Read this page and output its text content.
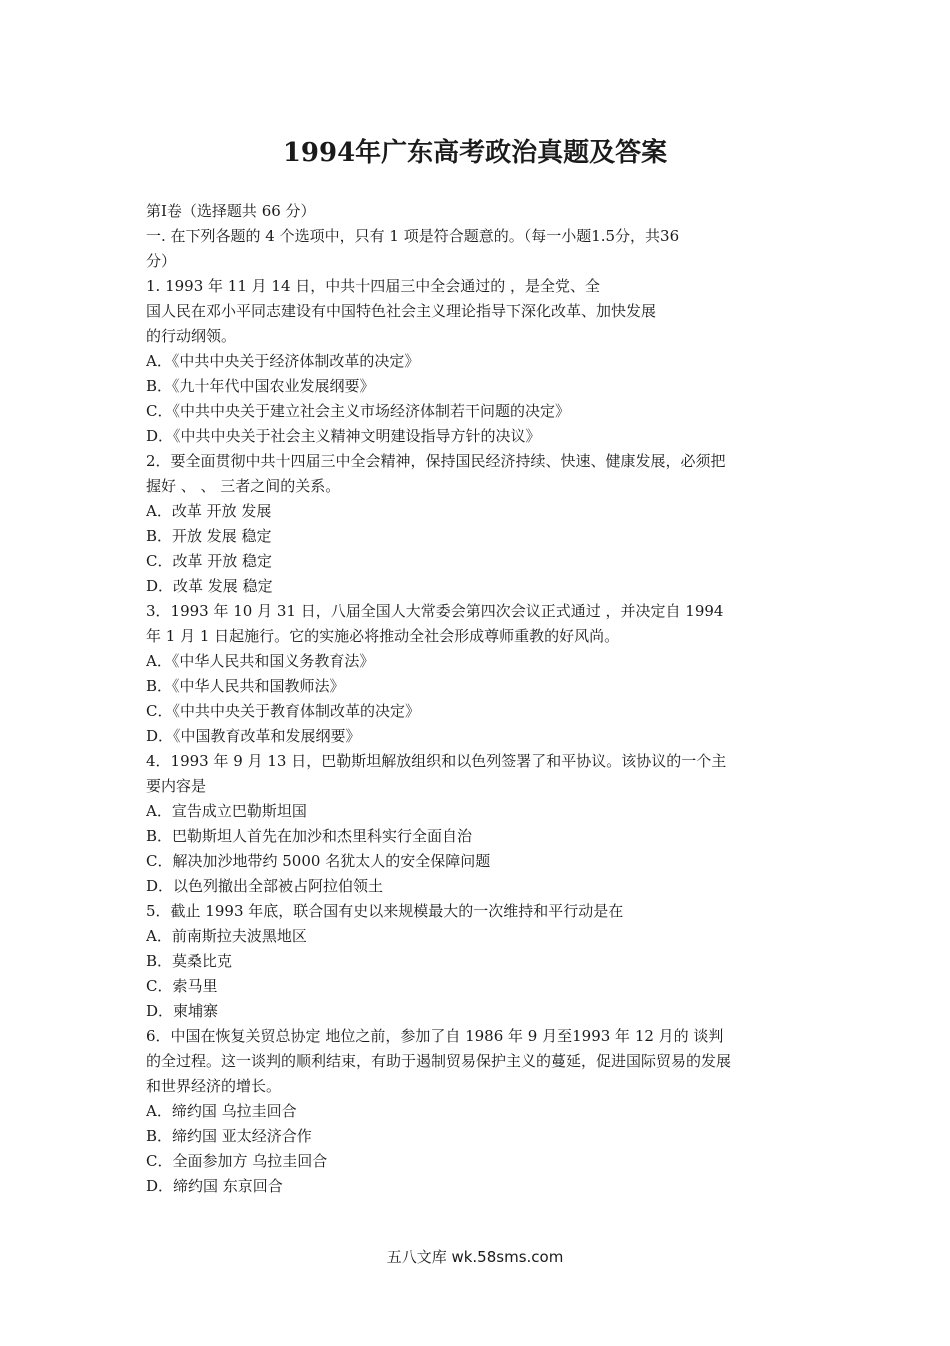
1994年广东高考政治真题及答案
第Ⅰ卷（选择题共 66 分）
一. 在下列各题的 4 个选项中，只有 1 项是符合题意的。（每一小题1.5分，共36
分）
1. 1993 年 11 月 14 日，中共十四届三中全会通过的 ，是全党、全
国人民在邓小平同志建设有中国特色社会主义理论指导下深化改革、加快发展
的行动纲领。
A．《中共中央关于经济体制改革的决定》
B．《九十年代中国农业发展纲要》
C．《中共中央关于建立社会主义市场经济体制若干问题的决定》
D．《中共中央关于社会主义精神文明建设指导方针的决议》
2．要全面贯彻中共十四届三中全会精神，保持国民经济持续、快速、健康发展，必须把
握好 、 、 三者之间的关系。
A．改革 开放 发展
B．开放 发展 稳定
C．改革 开放 稳定
D．改革 发展 稳定
3．1993 年 10 月 31 日，八届全国人大常委会第四次会议正式通过 ，并决定自 1994
年 1 月 1 日起施行。它的实施必将推动全社会形成尊师重教的好风尚。
A．《中华人民共和国义务教育法》
B．《中华人民共和国教师法》
C．《中共中央关于教育体制改革的决定》
D．《中国教育改革和发展纲要》
4．1993 年 9 月 13 日，巴勒斯坦解放组织和以色列签署了和平协议。该协议的一个主
要内容是
A．宣告成立巴勒斯坦国
B．巴勒斯坦人首先在加沙和杰里科实行全面自治
C．解决加沙地带约 5000 名犹太人的安全保障问题
D．以色列撤出全部被占阿拉伯领土
5．截止 1993 年底，联合国有史以来规模最大的一次维持和平行动是在
A．前南斯拉夫波黑地区
B．莫桑比克
C．索马里
D．柬埔寨
6．中国在恢复关贸总协定 地位之前，参加了自 1986 年 9 月至1993 年 12 月的 谈判
的全过程。这一谈判的顺利结束，有助于遏制贸易保护主义的蔓延，促进国际贸易的发展
和世界经济的增长。
A．缔约国 乌拉圭回合
B．缔约国 亚太经济合作
C．全面参加方 乌拉圭回合
D．缔约国 东京回合
五八文库 wk.58sms.com
